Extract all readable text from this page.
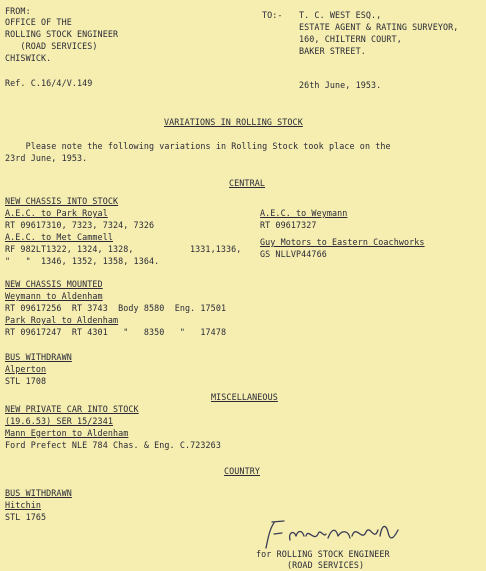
FROM:
OFFICE OF THE
ROLLING STOCK ENGINEER
(ROAD SERVICES)
CHISWICK.
Ref. C.16/4/V.149
TO:- T. C. WEST ESQ.,
ESTATE AGENT & RATING SURVEYOR,
160, CHILTERN COURT,
BAKER STREET.
26th June, 1953.
VARIATIONS IN ROLLING STOCK
Please note the following variations in Rolling Stock took place on the
23rd June, 1953.
CENTRAL
NEW CHASSIS INTO STOCK
A.E.C. to Park Royal
RT 09617310, 7323, 7324, 7326
A.E.C. to Met Cammell
RF 982LT1322, 1324, 1328,	1331,1336,
"   "  1346, 1352, 1358, 1364.
A.E.C. to Weymann
RT 09617327
Guy Motors to Eastern Coachworks
GS NLLVP44766
NEW CHASSIS MOUNTED
Weymann to Aldenham
RT 09617256  RT 3743  Body 8580  Eng. 17501
Park Royal to Aldenham
RT 09617247  RT 4301   "   8350   "   17478
BUS WITHDRAWN
Alperton
STL 1708
MISCELLANEOUS
NEW PRIVATE CAR INTO STOCK
(19.6.53) SER 15/2341
Mann Egerton to Aldenham
Ford Prefect NLE 784 Chas. & Eng. C.723263
COUNTRY
BUS WITHDRAWN
Hitchin
STL 1765
for ROLLING STOCK ENGINEER
(ROAD SERVICES)
